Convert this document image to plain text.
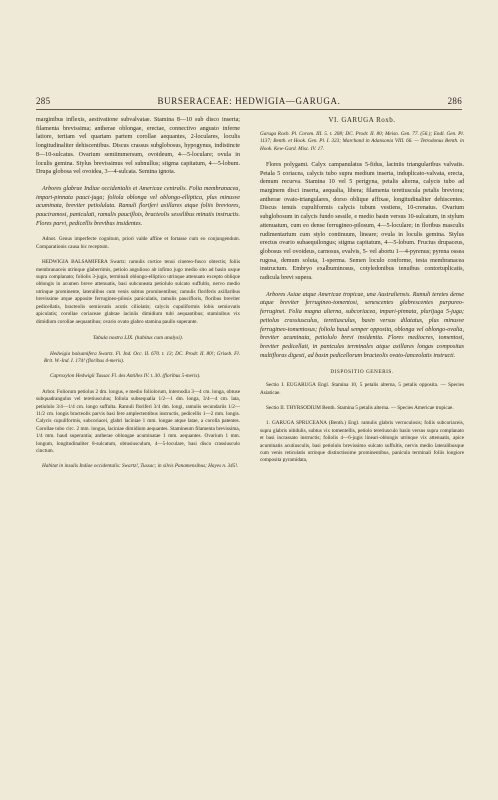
285	BURSERACEAE: HEDWIGIA—GARUGA.	286

marginibus inflexis, aestivatione subvalvatae. Stamina 8—10 sub disco inserta; filamenta brevissima; antherae oblongae, erectae, connectivo angusto inferne latiore, tertiam vel quartam partem corollae aequantes, 2-loculares, loculis longitudinaliter dehiscentibus. Discus crassus subglobosus, hypogynus, indistincte 8—10-sulcatus. Ovarium semiimmersum, ovoideum, 4—5-loculare; ovula in loculis gemina. Stylus brevissimus vel subnullus; stigma capitatum, 4—5-lobum. Drupa globosa vel ovoidea, 3—4-sulcata. Semina ignota.

Arbores glabrae Indiae occidentalis et Americae centralis. Folia membranacea, impari-pinnata pauci-juga; foliola oblonga vel oblongo-elliptica, plus minusve acuminata, breviter petiolulata. Ramuli floriferi axillares atque foliis breviores, pauciramosi, paniculati, ramulis pauciflois, bracteolis sessilibus minutis instructis. Flores parvi, pedicellis brevibus insidentes.

Adnot. Genus imperfecte cognitum, priori valde affine et fortasse cum eo conjungendum. Comparationis causa hic receptum.

HEDWIGIA BALSAMIFERA Swartz: ramulis cortice tenui cinereo-fusco obtectis; foliis membranaceis utrinque glaberrimis, petiolo angulioso ab infimo jugo medio sito ad basin usque supra complanato; foliolis 3-jugis, terminali oblongo-elliptico utrinque attenuato excepto oblique oblongis in acumen breve attenuatis, basi subcuneata petiolulo sulcato suffultis, nervo medio utrinque prominente, lateralibus cum venis subtus prominentibus; ramulis floriferis axillaribus brevissime atque apposite ferrugineo-pilosis paniculatis, ramulis paucifloris, floribus breviter pedicellatis, bracteolis semiovatis acutis ciliolatis; calycis cupuliformis lobis semiovatis apiculatis; corollae coriaceae glabrae laciniis dimidium tubi aequantibus; staminibus vix dimidium corollae aequantibus; ovario ovato glabro stamina paullo superante.

Tabula nostra LIX. (habitus cum analysi).

Hedwigia balsamifera Swartz. Fl. Ind. Occ. II. 670. t. 13; DC. Prodr. II. 80!; Griseb. Fl. Brit. W.-Ind. I. 174! (floribus 4-meris).

Caproxylon Hedwigii Tussac Fl. des Antilles IV. t. 30. (floribus 5-meris).

Arbor. Foliorum petiolus 2 dm. longus, e medio foliolorum, internodia 3—4 cm. longa, obtuse subquadrangulus vel teretiusculus; foliola subsequalia 1/2—1 dm. longa, 3/4—4 cm. lata, petiolulo 3/4—1/4 cm. longo suffulta. Ramuli floriferi 3/4 dm. longi, ramulis secundariis 1/2—11/2 cm. longis bracteolis parvis basi fere amplectentibus instructis, pedicellis 1—2 mm. longis. Calycis cupuliformis, subcoriacei, glabri laciniae 1 mm. longae atque latae, a corolla patentes. Corollae tubo circ. 2 mm. longus, laciniae dimidium aequantes. Stamineum filamenta brevissima, 1/4 mm. haud superantia; antherae oblongae acuminatae 1 mm. aequantes. Ovarium 1 mm. longum, longitudinaliter 8-sulcatum, obtusiusculum, 4—5-loculare, basi disco crassiusculo cinctum.

Habitat in insulis Indiae occidentalis: Swartz!, Tussac; in silvis Panamensibus; Hayes n. 345!.

VI. GARUGA Roxb.

Garuga Roxb. Pl. Corom. III. 5. t. 208; DC. Prodr. II. 80; Meisn. Gen. 77. (56.); Endl. Gen. Pl. 1137; Benth. et Hook. Gen. Pl. I. 323; Marchand in Adansonia VIII. 66. — Tetrodonus Benth. in Hook. Kew-Gard. Misc. IV. 17.

Flores polygami. Calyx campanulatus 5-fidus, laciniis triangularibus valvatis. Petala 5 coriacea, calycis tubo supra medium inserta, induplicato-valvata, erecta, demum recurva. Stamina 10 vel 5 perigyna, petalis alterna, calycis tubo ad marginem disci inserta, aequalia, libera; filamenta teretiuscula petalis breviora; antherae ovato-triangulares, dorso oblique affixae, longitudinaliter dehiscentes. Discus tenuis cupuliformis calycis tubum vestiens, 10-crenatus. Ovarium subglobosum in calycis fundo sessile, e medio basin versus 10-sulcatum, in stylum attenuatum, cum eo dense ferrugineo-pilosum, 4—5-loculare; in floribus masculis rudimentarium cum stylo continuum, lineare; ovula in loculis gemina. Stylus erectus ovario subaequilongus; stigma capitatum, 4—5-lobum. Fructus drupaceus, globosus vel ovoideus, carnosus, evalvis, 5- vel abortu 1—4-pyrenus; pyrena ossea rugosa, demum soluta, 1-sperma. Semen loculo conforme, testa membranacea instructum. Embryo exalbuminosus, cotyledonibus tenuibus contortuplicatis, radicula brevi supera.

Arbores Asiae atque Americae tropicae, una Australiensis. Ramuli teretes dense atque breviter ferrugineo-tomentosi, senescentes glabrescentes purpureo-ferruginei. Folia magna alterna, subcoriacea, impari-pinnata, plurijuga 5-juga; petiolus crassiusculus, teretiusculus, basin versus dilatatus, plus minusve ferrugineo-tomentosus; foliola haud semper opposita, oblonga vel oblongo-ovalia, breviter acuminata, petiolulo brevi insidentia. Flores mediocres, tomentosi, breviter pedicellati, in paniculas terminales atque axillares longas compositas multifloras digesti, ad basin pedicellorum bracteolis ovato-lanceolatis instructi.

DISPOSITIO GENERIS.

Sectio I. EUGARUGA Engl. Stamina 10, 5 petalis alterna, 5 petalis opposita. — Species Asiaticae.

Sectio II. THYRSODIUM Benth. Stamina 5 petalis alterna. — Species Americae tropicae.

1. GARUGA SPRUCEANA (Benth.) Engl. ramulis glabris verruculosis; foliis subcoriaceis, supra glabris nitidulis, subtus vix tomentellis, petiolo teretiusculo basin versus supra complanato et basi incrassato instructis; foliolis 4—6-jugis lineari-oblongis utrinque vix attenuatis, apice acuminatis acutiusculis, basi petiolulo brevissimo sulcato suffultis, nervis medio lateralibusque cum venis reticulatis utrinque distinctissime prominentibus, panicula terminali foliis longiore composita pyramidata,
